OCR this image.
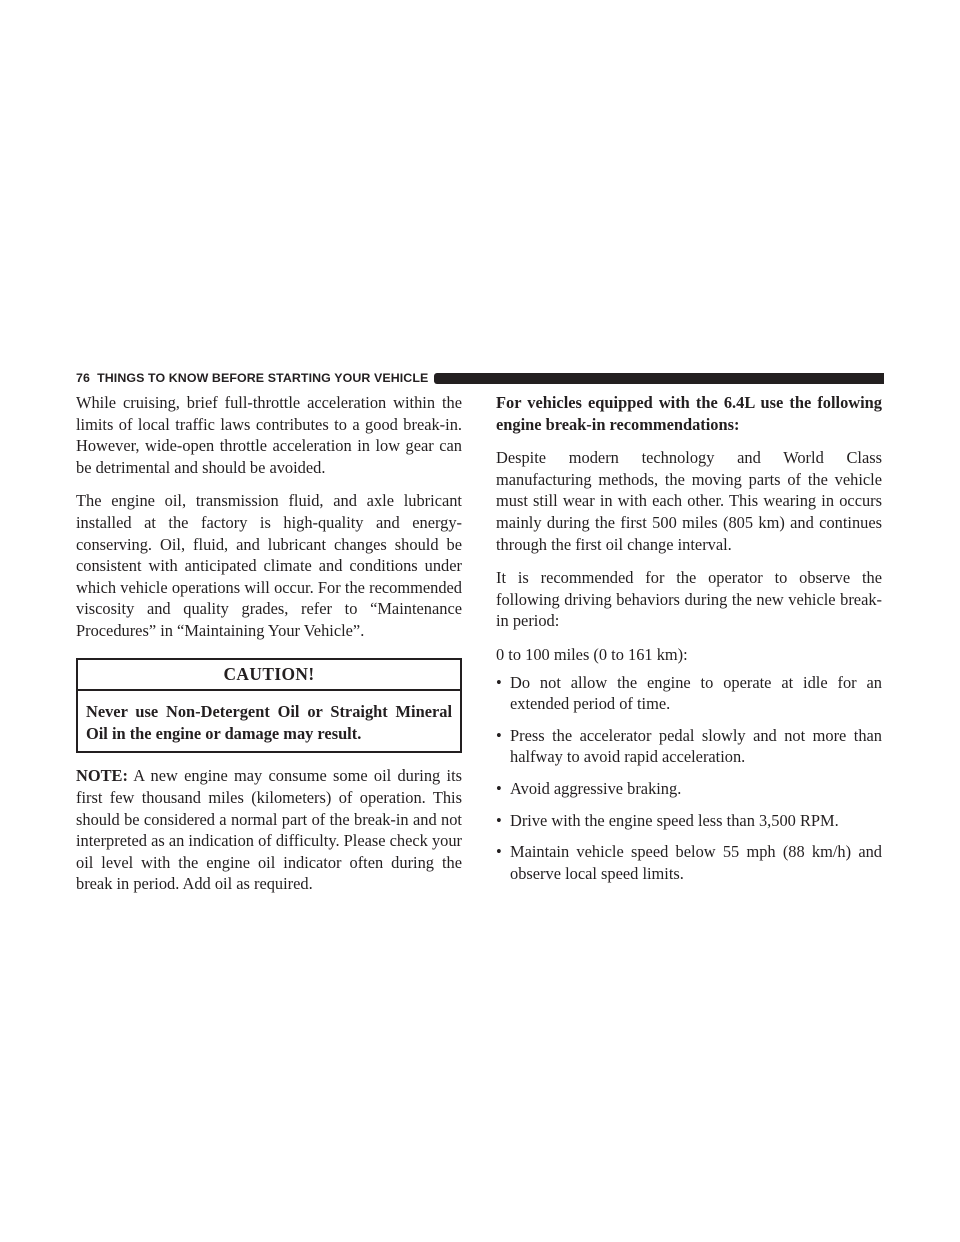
76
THINGS TO KNOW BEFORE STARTING YOUR VEHICLE

While cruising, brief full-throttle acceleration within the limits of local traffic laws contributes to a good break-in. However, wide-open throttle acceleration in low gear can be detrimental and should be avoided.

The engine oil, transmission fluid, and axle lubricant installed at the factory is high-quality and energy-conserving. Oil, fluid, and lubricant changes should be consistent with anticipated climate and conditions under which vehicle operations will occur. For the recommended viscosity and quality grades, refer to “Maintenance Procedures” in “Maintaining Your Vehicle”.

CAUTION!
Never use Non-Detergent Oil or Straight Mineral Oil in the engine or damage may result.

NOTE: A new engine may consume some oil during its first few thousand miles (kilometers) of operation. This should be considered a normal part of the break-in and not interpreted as an indication of difficulty. Please check your oil level with the engine oil indicator often during the break in period. Add oil as required.

For vehicles equipped with the 6.4L use the following engine break-in recommendations:

Despite modern technology and World Class manufacturing methods, the moving parts of the vehicle must still wear in with each other. This wearing in occurs mainly during the first 500 miles (805 km) and continues through the first oil change interval.

It is recommended for the operator to observe the following driving behaviors during the new vehicle break-in period:

0 to 100 miles (0 to 161 km):

• Do not allow the engine to operate at idle for an extended period of time.
• Press the accelerator pedal slowly and not more than halfway to avoid rapid acceleration.
• Avoid aggressive braking.
• Drive with the engine speed less than 3,500 RPM.
• Maintain vehicle speed below 55 mph (88 km/h) and observe local speed limits.
